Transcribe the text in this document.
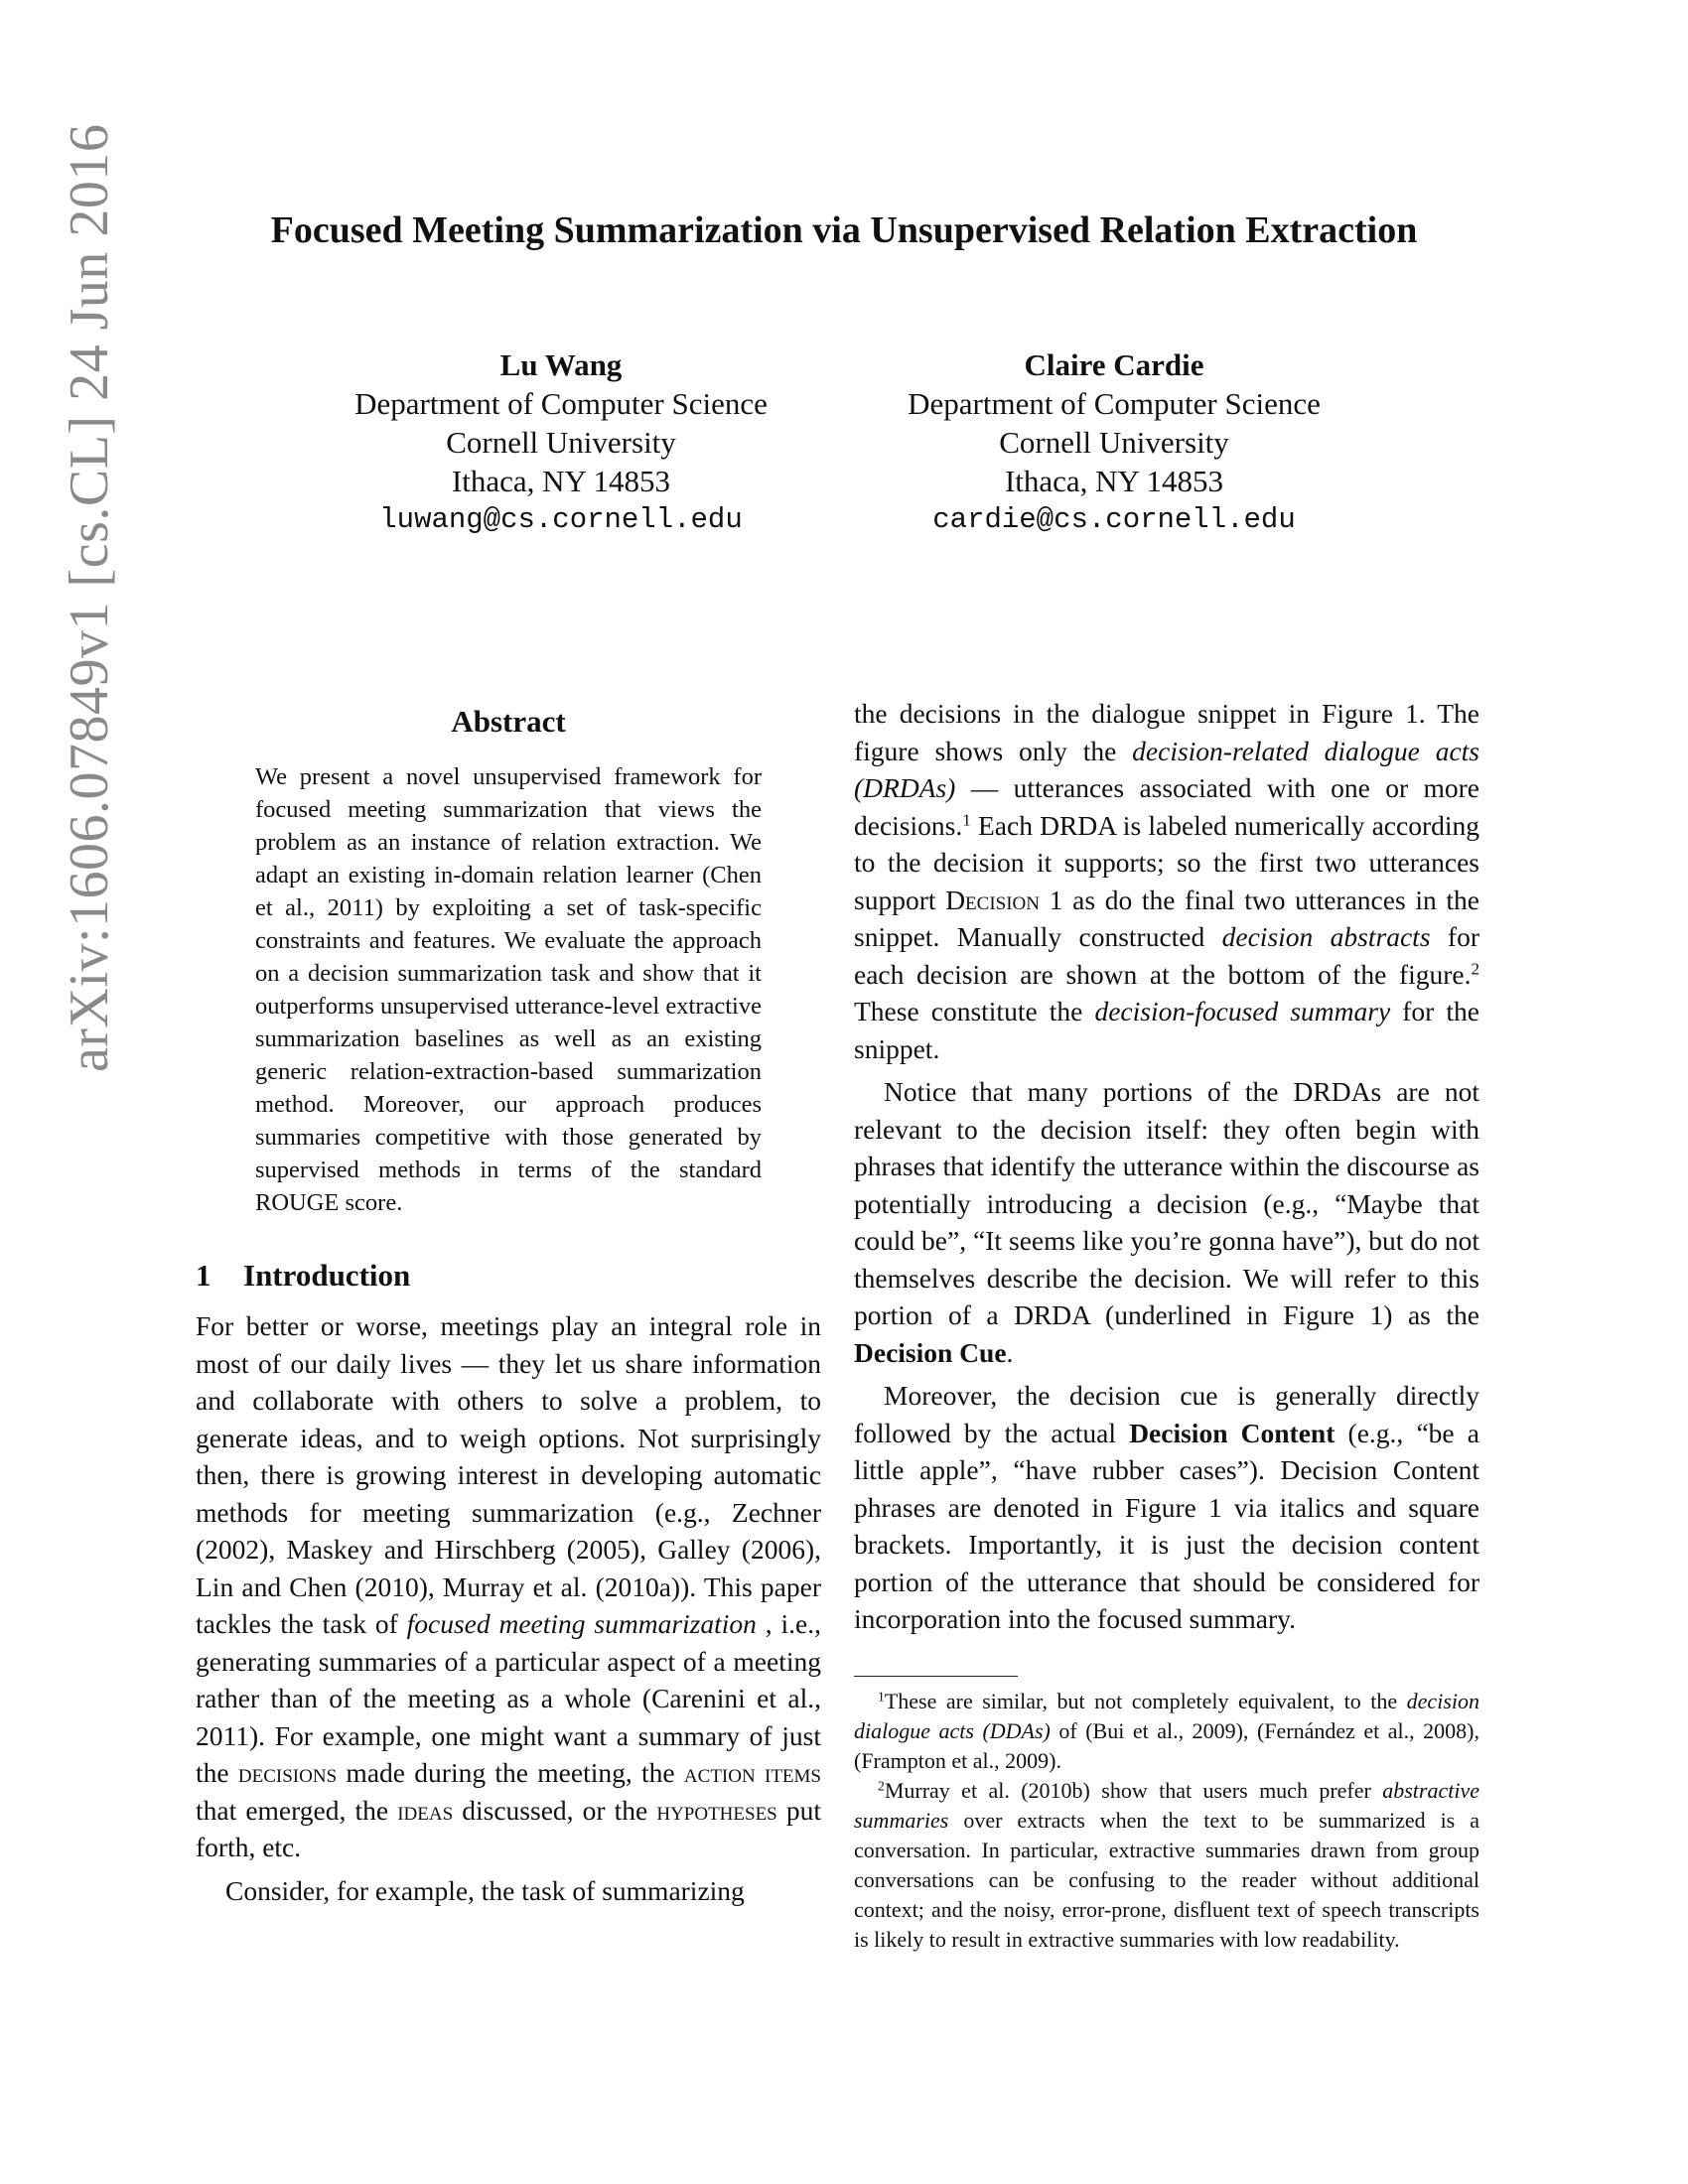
arXiv:1606.07849v1 [cs.CL] 24 Jun 2016	Focused Meeting Summarization via Unsupervised Relation Extraction
Lu Wang
Department of Computer Science
Cornell University
Ithaca, NY 14853
luwang@cs.cornell.edu
Claire Cardie
Department of Computer Science
Cornell University
Ithaca, NY 14853
cardie@cs.cornell.edu
Abstract
We present a novel unsupervised framework for focused meeting summarization that views the problem as an instance of relation extraction. We adapt an existing in-domain relation learner (Chen et al., 2011) by exploiting a set of task-specific constraints and features. We evaluate the approach on a decision summarization task and show that it outperforms unsupervised utterance-level extractive summarization baselines as well as an existing generic relation-extraction-based summarization method. Moreover, our approach produces summaries competitive with those generated by supervised methods in terms of the standard ROUGE score.
1 Introduction

For better or worse, meetings play an integral role in most of our daily lives — they let us share information and collaborate with others to solve a problem, to generate ideas, and to weigh options. Not surprisingly then, there is growing interest in developing automatic methods for meeting summarization (e.g., Zechner (2002), Maskey and Hirschberg (2005), Galley (2006), Lin and Chen (2010), Murray et al. (2010a)). This paper tackles the task of focused meeting summarization , i.e., generating summaries of a particular aspect of a meeting rather than of the meeting as a whole (Carenini et al., 2011). For example, one might want a summary of just the decisions made during the meeting, the action items that emerged, the ideas discussed, or the hypotheses put forth, etc.

Consider, for example, the task of summarizing

the decisions in the dialogue snippet in Figure 1. The figure shows only the decision-related dialogue acts (DRDAs) — utterances associated with one or more decisions.$^1$ Each DRDA is labeled numerically according to the decision it supports; so the first two utterances support Decision 1 as do the final two utterances in the snippet. Manually constructed decision abstracts for each decision are shown at the bottom of the figure.$^2$ These constitute the decision-focused summary for the snippet.

Notice that many portions of the DRDAs are not relevant to the decision itself: they often begin with phrases that identify the utterance within the discourse as potentially introducing a decision (e.g., “Maybe that could be”, “It seems like you’re gonna have”), but do not themselves describe the decision. We will refer to this portion of a DRDA (underlined in Figure 1) as the Decision Cue.

Moreover, the decision cue is generally directly followed by the actual Decision Content (e.g., “be a little apple”, “have rubber cases”). Decision Content phrases are denoted in Figure 1 via italics and square brackets. Importantly, it is just the decision content portion of the utterance that should be considered for incorporation into the focused summary.

$^1$These are similar, but not completely equivalent, to the decision dialogue acts (DDAs) of (Bui et al., 2009), (Fernández et al., 2008), (Frampton et al., 2009).

$^2$Murray et al. (2010b) show that users much prefer abstractive summaries over extracts when the text to be summarized is a conversation. In particular, extractive summaries drawn from group conversations can be confusing to the reader without additional context; and the noisy, error-prone, disfluent text of speech transcripts is likely to result in extractive summaries with low readability.
